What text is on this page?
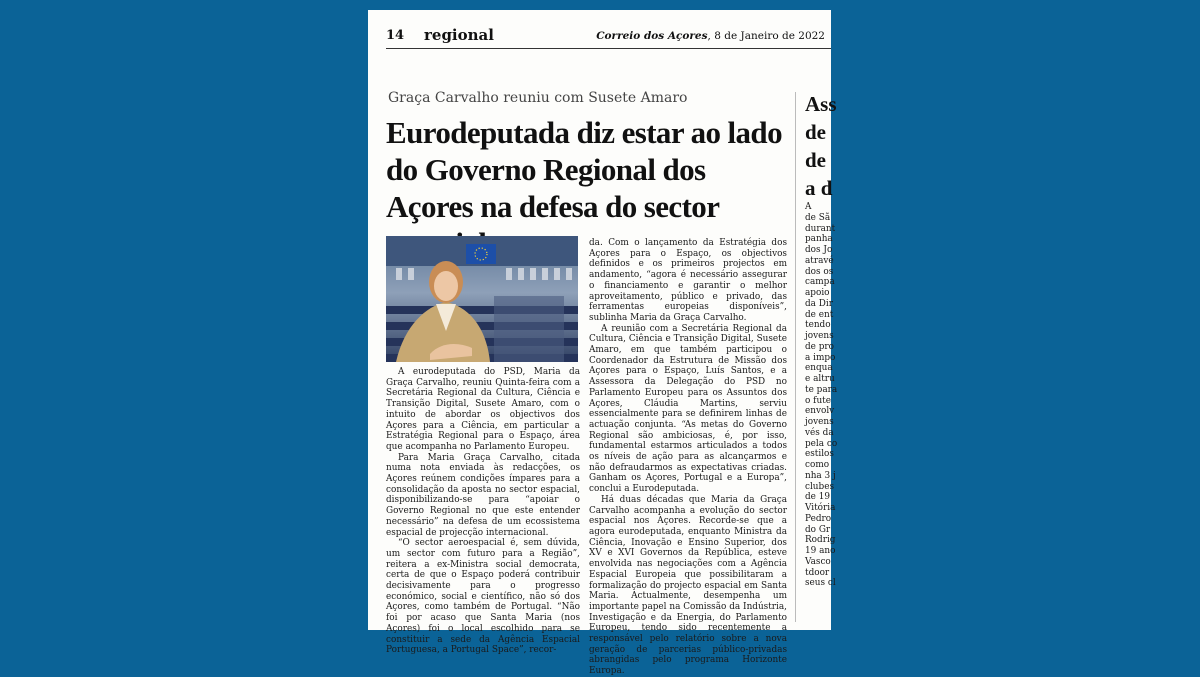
14 regional	Correio dos Açores, 8 de Janeiro de 2022
Graça Carvalho reuniu com Susete Amaro
Eurodeputada diz estar ao lado do Governo Regional dos Açores na defesa do sector

A eurodeputada do PSD, Maria da Graça Carvalho, reuniu Quinta-feira com a Secretária Regional da Cultura, Ciência e Transição Digital, Susete Amaro, com o intuito de abordar os objectivos dos Açores para a Ciência, em particular a Estratégia Regional para o Espaço, área que acompanha no Parlamento Europeu.

Para Maria Graça Carvalho, citada numa nota enviada às redacções, os Açores reúnem condições ímpares para a consolidação da aposta no sector espacial, disponibilizando-se para “apoiar o Governo Regional no que este entender necessário” na defesa de um ecossistema espacial de projecção internacional.

“O sector aeroespacial é, sem dúvida, um sector com futuro para a Região”, reitera a ex-Ministra social democrata, certa de que o Espaço poderá contribuir decisivamente para o progresso económico, social e científico, não só dos Açores, como também de Portugal. “Não foi por acaso que Santa Maria (nos Açores) foi o local escolhido para se constituir a sede da Agência Espacial Portuguesa, a Portugal Space”, recor-

da. Com o lançamento da Estratégia dos Açores para o Espaço, os objectivos definidos e os primeiros projectos em andamento, “agora é necessário assegurar o financiamento e garantir o melhor aproveitamento, público e privado, das ferramentas europeias disponíveis”, sublinha Maria da Graça Carvalho.

A reunião com a Secretária Regional da Cultura, Ciência e Transição Digital, Susete Amaro, em que também participou o Coordenador da Estrutura de Missão dos Açores para o Espaço, Luís Santos, e a Assessora da Delegação do PSD no Parlamento Europeu para os Assuntos dos Açores, Cláudia Martins, serviu essencialmente para se definirem linhas de actuação conjunta. “As metas do Governo Regional são ambiciosas, é, por isso, fundamental estarmos articulados a todos os níveis de ação para as alcançarmos e não defraudarmos as expectativas criadas. Ganham os Açores, Portugal e a Europa”, conclui a Eurodeputada.

Há duas décadas que Maria da Graça Carvalho acompanha a evolução do sector espacial nos Açores. Recorde-se que a agora eurodeputada, enquanto Ministra da Ciência, Inovação e Ensino Superior, dos XV e XVI Governos da República, esteve envolvida nas negociações com a Agência Espacial Europeia que possibilitaram a formalização do projecto espacial em Santa Maria. Actualmente, desempenha um importante papel na Comissão da Indústria, Investigação e da Energia, do Parlamento Europeu, tendo sido recentemente a responsável pelo relatório sobre a nova geração de parcerias público-privadas abrangidas pelo programa Horizonte Europa.

Ass
de
de
a d
A
de Sã
durant
panha
dos Jo
atravé
dos os
campa
apoio
da Dir
de ent
tendo
jovens
de pro
a impo
enqua
e altru
te para
o fute
envolv
jovens
vés da
pela co
estilos
como
nha 3 j
clubes
de 19
Vitória
Pedro
do Gr
Rodrig
19 ano
Vasco
tdoor
seus cl
